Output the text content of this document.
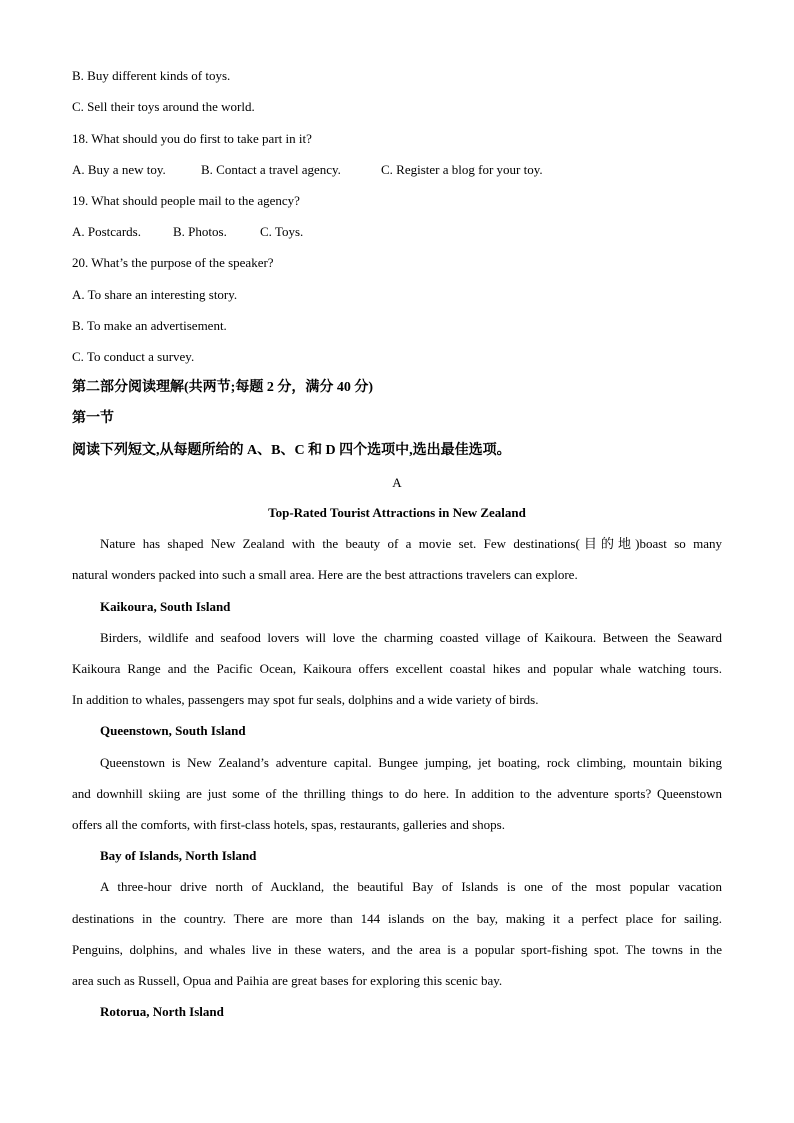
B. Buy different kinds of toys.
C. Sell their toys around the world.
18. What should you do first to take part in it?
A. Buy a new toy.	B. Contact a travel agency.	C. Register a blog for your toy.
19. What should people mail to the agency?
A. Postcards. B. Photos.	C. Toys.
20. What’s the purpose of the speaker?
A. To share an interesting story.
B. To make an advertisement.
C. To conduct a survey.
第二部分阅读理解(共两节;每题 2 分，满分 40 分)
第一节
阅读下列短文,从每题所给的 A、B、C 和 D 四个选项中,选出最佳选项。
A
Top-Rated Tourist Attractions in New Zealand
Nature has shaped New Zealand with the beauty of a movie set. Few destinations(目的地)boast so many
natural wonders packed into such a small area. Here are the best attractions travelers can explore.
Kaikoura, South Island
Birders, wildlife and seafood lovers will love the charming coasted village of Kaikoura. Between the Seaward
Kaikoura Range and the Pacific Ocean, Kaikoura offers excellent coastal hikes and popular whale watching tours.
In addition to whales, passengers may spot fur seals, dolphins and a wide variety of birds.
Queenstown, South Island
Queenstown is New Zealand’s adventure capital. Bungee jumping, jet boating, rock climbing, mountain biking
and downhill skiing are just some of the thrilling things to do here. In addition to the adventure sports? Queenstown
offers all the comforts, with first-class hotels, spas, restaurants, galleries and shops.
Bay of Islands, North Island
A three-hour drive north of Auckland, the beautiful Bay of Islands is one of the most popular vacation
destinations in the country. There are more than 144 islands on the bay, making it a perfect place for sailing.
Penguins, dolphins, and whales live in these waters, and the area is a popular sport-fishing spot. The towns in the
area such as Russell, Opua and Paihia are great bases for exploring this scenic bay.
Rotorua, North Island
